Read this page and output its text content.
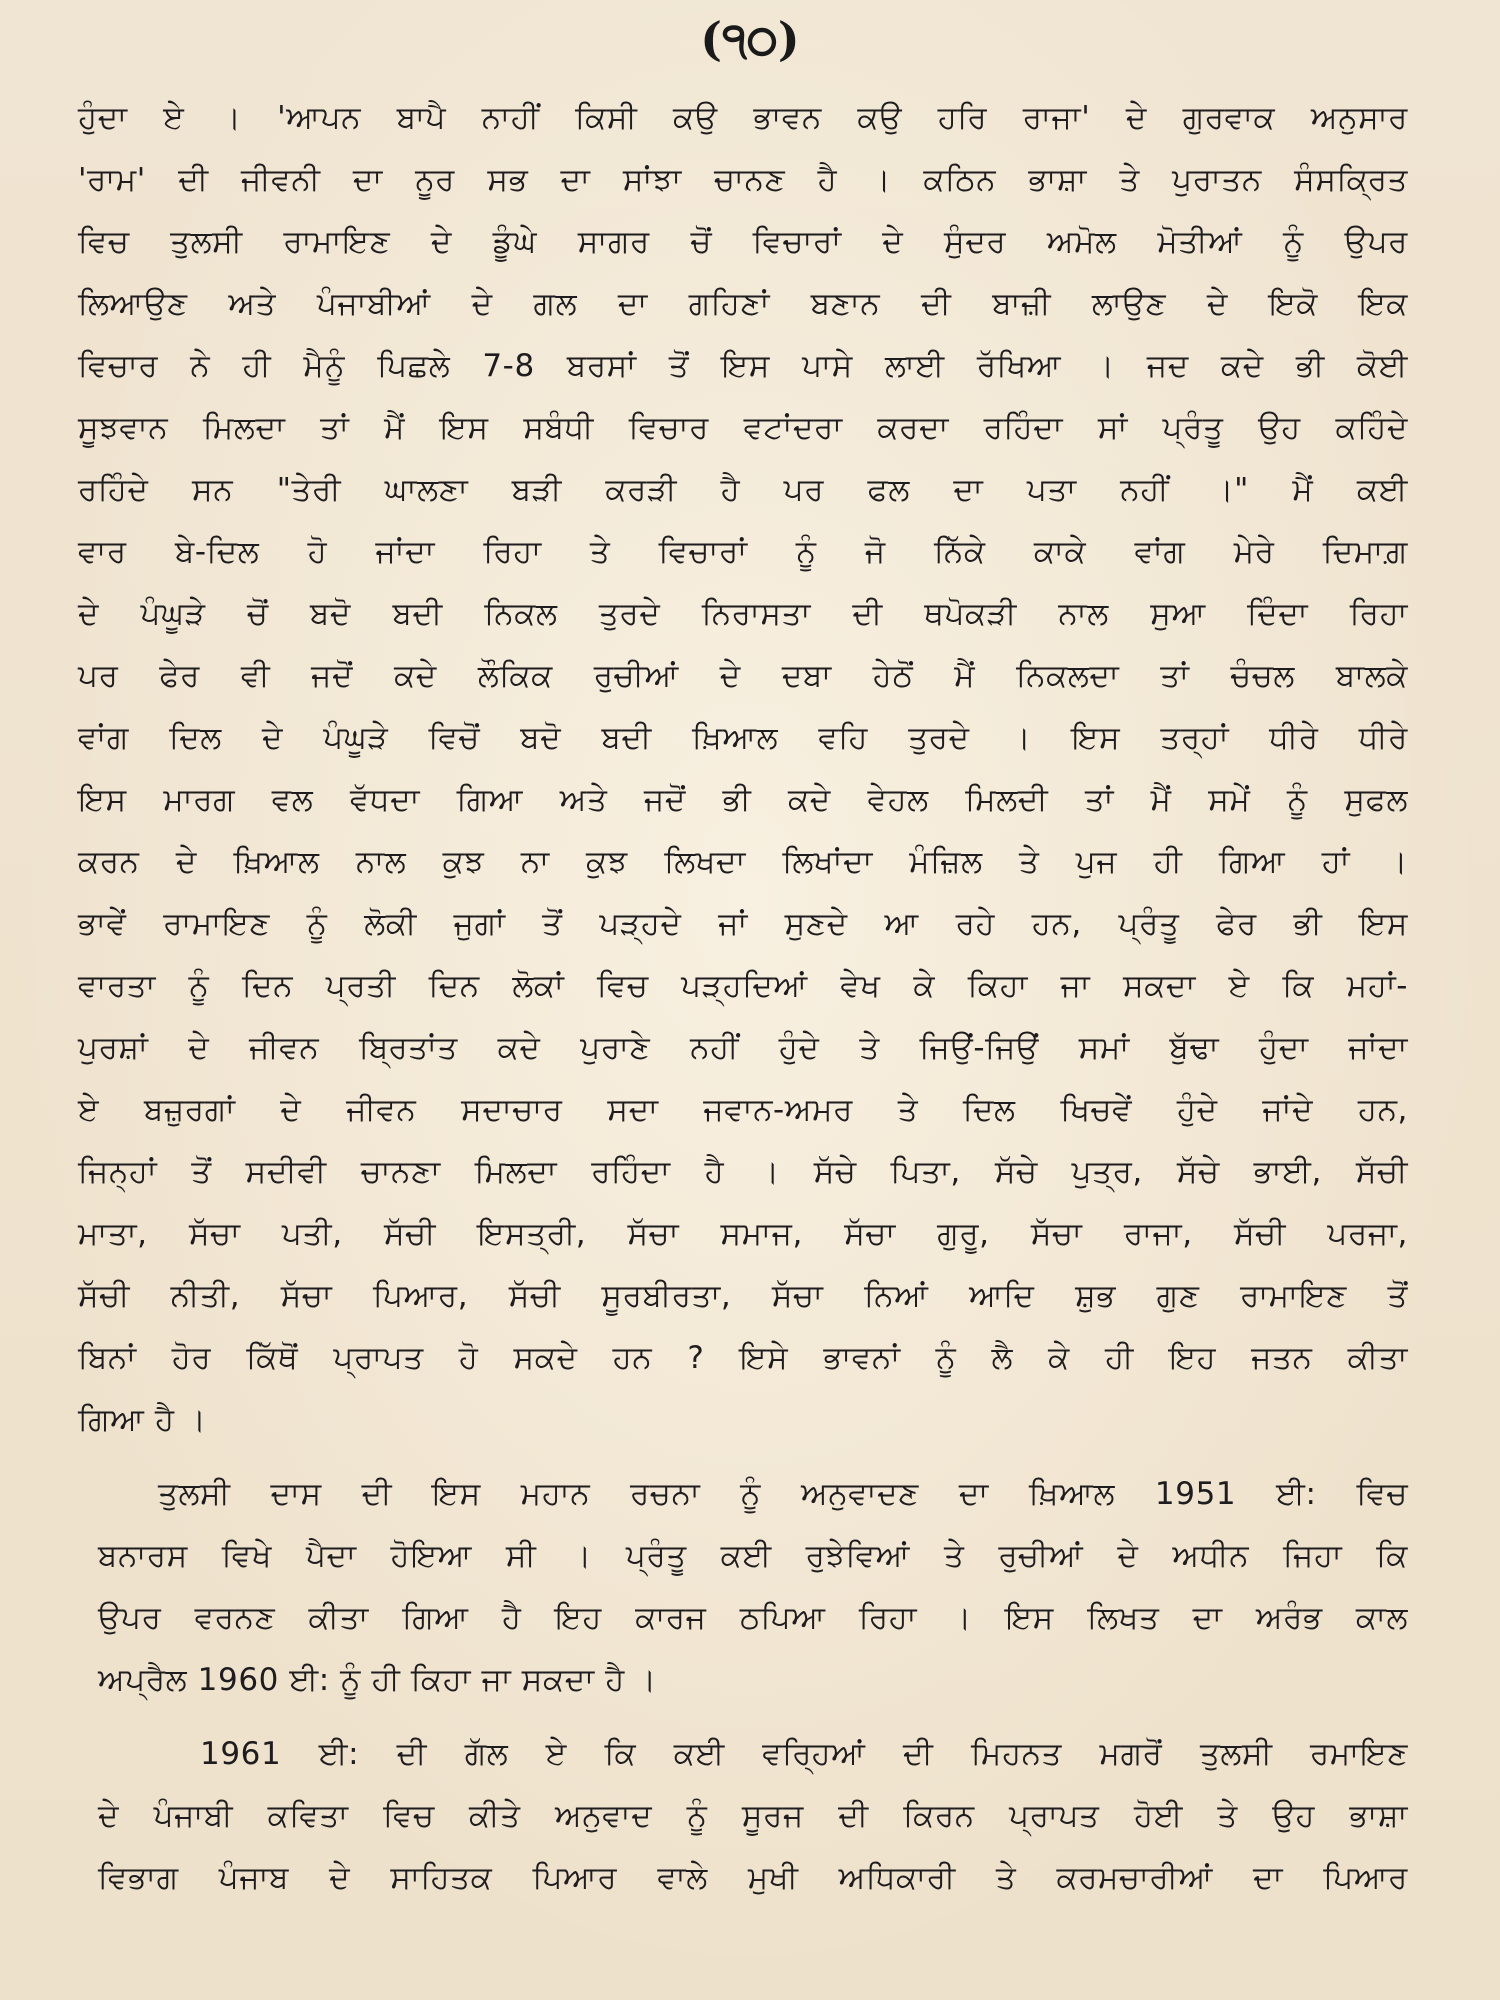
(੧੦)
ਹੁੰਦਾ ਏ । 'ਆਪਨ ਬਾਪੈ ਨਾਹੀਂ ਕਿਸੀ ਕਉ ਭਾਵਨ ਕਉ ਹਰਿ ਰਾਜਾ' ਦੇ ਗੁਰਵਾਕ ਅਨੁਸਾਰ
'ਰਾਮ' ਦੀ ਜੀਵਨੀ ਦਾ ਨੂਰ ਸਭ ਦਾ ਸਾਂਝਾ ਚਾਨਣ ਹੈ । ਕਠਿਨ ਭਾਸ਼ਾ ਤੇ ਪੁਰਾਤਨ ਸੰਸਕ੍ਰਿਤ
ਵਿਚ ਤੁਲਸੀ ਰਾਮਾਇਣ ਦੇ ਡੂੰਘੇ ਸਾਗਰ ਚੋਂ ਵਿਚਾਰਾਂ ਦੇ ਸੁੰਦਰ ਅਮੋਲ ਮੋਤੀਆਂ ਨੂੰ ਉਪਰ
ਲਿਆਉਣ ਅਤੇ ਪੰਜਾਬੀਆਂ ਦੇ ਗਲ ਦਾ ਗਹਿਣਾਂ ਬਣਾਨ ਦੀ ਬਾਜ਼ੀ ਲਾਉਣ ਦੇ ਇਕੋ ਇਕ
ਵਿਚਾਰ ਨੇ ਹੀ ਮੈਨੂੰ ਪਿਛਲੇ 7-8 ਬਰਸਾਂ ਤੋਂ ਇਸ ਪਾਸੇ ਲਾਈ ਰੱਖਿਆ । ਜਦ ਕਦੇ ਭੀ ਕੋਈ
ਸੂਝਵਾਨ ਮਿਲਦਾ ਤਾਂ ਮੈਂ ਇਸ ਸਬੰਧੀ ਵਿਚਾਰ ਵਟਾਂਦਰਾ ਕਰਦਾ ਰਹਿੰਦਾ ਸਾਂ ਪ੍ਰੰਤੂ ਉਹ ਕਹਿੰਦੇ
ਰਹਿੰਦੇ ਸਨ "ਤੇਰੀ ਘਾਲਣਾ ਬੜੀ ਕਰੜੀ ਹੈ ਪਰ ਫਲ ਦਾ ਪਤਾ ਨਹੀਂ ।" ਮੈਂ ਕਈ
ਵਾਰ ਬੇ-ਦਿਲ ਹੋ ਜਾਂਦਾ ਰਿਹਾ ਤੇ ਵਿਚਾਰਾਂ ਨੂੰ ਜੋ ਨਿੱਕੇ ਕਾਕੇ ਵਾਂਗ ਮੇਰੇ ਦਿਮਾਗ਼
ਦੇ ਪੰਘੂੜੇ ਚੋਂ ਬਦੋ ਬਦੀ ਨਿਕਲ ਤੁਰਦੇ ਨਿਰਾਸਤਾ ਦੀ ਥਪੋਕੜੀ ਨਾਲ ਸੁਆ ਦਿੰਦਾ ਰਿਹਾ
ਪਰ ਫੇਰ ਵੀ ਜਦੋਂ ਕਦੇ ਲੌਕਿਕ ਰੁਚੀਆਂ ਦੇ ਦਬਾ ਹੇਠੋਂ ਮੈਂ ਨਿਕਲਦਾ ਤਾਂ ਚੰਚਲ ਬਾਲਕੇ
ਵਾਂਗ ਦਿਲ ਦੇ ਪੰਘੂੜੇ ਵਿਚੋਂ ਬਦੋ ਬਦੀ ਖ਼ਿਆਲ ਵਹਿ ਤੁਰਦੇ । ਇਸ ਤਰ੍ਹਾਂ ਧੀਰੇ ਧੀਰੇ
ਇਸ ਮਾਰਗ ਵਲ ਵੱਧਦਾ ਗਿਆ ਅਤੇ ਜਦੋਂ ਭੀ ਕਦੇ ਵੇਹਲ ਮਿਲਦੀ ਤਾਂ ਮੈਂ ਸਮੇਂ ਨੂੰ ਸੁਫਲ
ਕਰਨ ਦੇ ਖ਼ਿਆਲ ਨਾਲ ਕੁਝ ਨਾ ਕੁਝ ਲਿਖਦਾ ਲਿਖਾਂਦਾ ਮੰਜ਼ਿਲ ਤੇ ਪੁਜ ਹੀ ਗਿਆ ਹਾਂ ।
ਭਾਵੇਂ ਰਾਮਾਇਣ ਨੂੰ ਲੋਕੀ ਜੁਗਾਂ ਤੋਂ ਪੜ੍ਹਦੇ ਜਾਂ ਸੁਣਦੇ ਆ ਰਹੇ ਹਨ, ਪ੍ਰੰਤੂ ਫੇਰ ਭੀ ਇਸ
ਵਾਰਤਾ ਨੂੰ ਦਿਨ ਪ੍ਰਤੀ ਦਿਨ ਲੋਕਾਂ ਵਿਚ ਪੜ੍ਹਦਿਆਂ ਵੇਖ ਕੇ ਕਿਹਾ ਜਾ ਸਕਦਾ ਏ ਕਿ ਮਹਾਂ-
ਪੁਰਸ਼ਾਂ ਦੇ ਜੀਵਨ ਬ੍ਰਿਤਾਂਤ ਕਦੇ ਪੁਰਾਣੇ ਨਹੀਂ ਹੁੰਦੇ ਤੇ ਜਿਉਂ-ਜਿਉਂ ਸਮਾਂ ਬੁੱਢਾ ਹੁੰਦਾ ਜਾਂਦਾ
ਏ ਬਜ਼ੁਰਗਾਂ ਦੇ ਜੀਵਨ ਸਦਾਚਾਰ ਸਦਾ ਜਵਾਨ-ਅਮਰ ਤੇ ਦਿਲ ਖਿਚਵੇਂ ਹੁੰਦੇ ਜਾਂਦੇ ਹਨ,
ਜਿਨ੍ਹਾਂ ਤੋਂ ਸਦੀਵੀ ਚਾਨਣਾ ਮਿਲਦਾ ਰਹਿੰਦਾ ਹੈ । ਸੱਚੇ ਪਿਤਾ, ਸੱਚੇ ਪੁਤ੍ਰ, ਸੱਚੇ ਭਾਈ, ਸੱਚੀ
ਮਾਤਾ, ਸੱਚਾ ਪਤੀ, ਸੱਚੀ ਇਸਤ੍ਰੀ, ਸੱਚਾ ਸਮਾਜ, ਸੱਚਾ ਗੁਰੂ, ਸੱਚਾ ਰਾਜਾ, ਸੱਚੀ ਪਰਜਾ,
ਸੱਚੀ ਨੀਤੀ, ਸੱਚਾ ਪਿਆਰ, ਸੱਚੀ ਸੂਰਬੀਰਤਾ, ਸੱਚਾ ਨਿਆਂ ਆਦਿ ਸ਼ੁਭ ਗੁਣ ਰਾਮਾਇਣ ਤੋਂ
ਬਿਨਾਂ ਹੋਰ ਕਿੱਥੋਂ ਪ੍ਰਾਪਤ ਹੋ ਸਕਦੇ ਹਨ ? ਇਸੇ ਭਾਵਨਾਂ ਨੂੰ ਲੈ ਕੇ ਹੀ ਇਹ ਜਤਨ ਕੀਤਾ
ਗਿਆ ਹੈ ।
ਤੁਲਸੀ ਦਾਸ ਦੀ ਇਸ ਮਹਾਨ ਰਚਨਾ ਨੂੰ ਅਨੁਵਾਦਣ ਦਾ ਖ਼ਿਆਲ 1951 ਈ: ਵਿਚ
ਬਨਾਰਸ ਵਿਖੇ ਪੈਦਾ ਹੋਇਆ ਸੀ । ਪ੍ਰੰਤੂ ਕਈ ਰੁਝੇਵਿਆਂ ਤੇ ਰੁਚੀਆਂ ਦੇ ਅਧੀਨ ਜਿਹਾ ਕਿ
ਉਪਰ ਵਰਨਣ ਕੀਤਾ ਗਿਆ ਹੈ ਇਹ ਕਾਰਜ ਠਪਿਆ ਰਿਹਾ । ਇਸ ਲਿਖਤ ਦਾ ਅਰੰਭ ਕਾਲ
ਅਪ੍ਰੈਲ 1960 ਈ: ਨੂੰ ਹੀ ਕਿਹਾ ਜਾ ਸਕਦਾ ਹੈ ।
1961 ਈ: ਦੀ ਗੱਲ ਏ ਕਿ ਕਈ ਵਰ੍ਹਿਆਂ ਦੀ ਮਿਹਨਤ ਮਗਰੋਂ ਤੁਲਸੀ ਰਮਾਇਣ
ਦੇ ਪੰਜਾਬੀ ਕਵਿਤਾ ਵਿਚ ਕੀਤੇ ਅਨੁਵਾਦ ਨੂੰ ਸੂਰਜ ਦੀ ਕਿਰਨ ਪ੍ਰਾਪਤ ਹੋਈ ਤੇ ਉਹ ਭਾਸ਼ਾ
ਵਿਭਾਗ ਪੰਜਾਬ ਦੇ ਸਾਹਿਤਕ ਪਿਆਰ ਵਾਲੇ ਮੁਖੀ ਅਧਿਕਾਰੀ ਤੇ ਕਰਮਚਾਰੀਆਂ ਦਾ ਪਿਆਰ
